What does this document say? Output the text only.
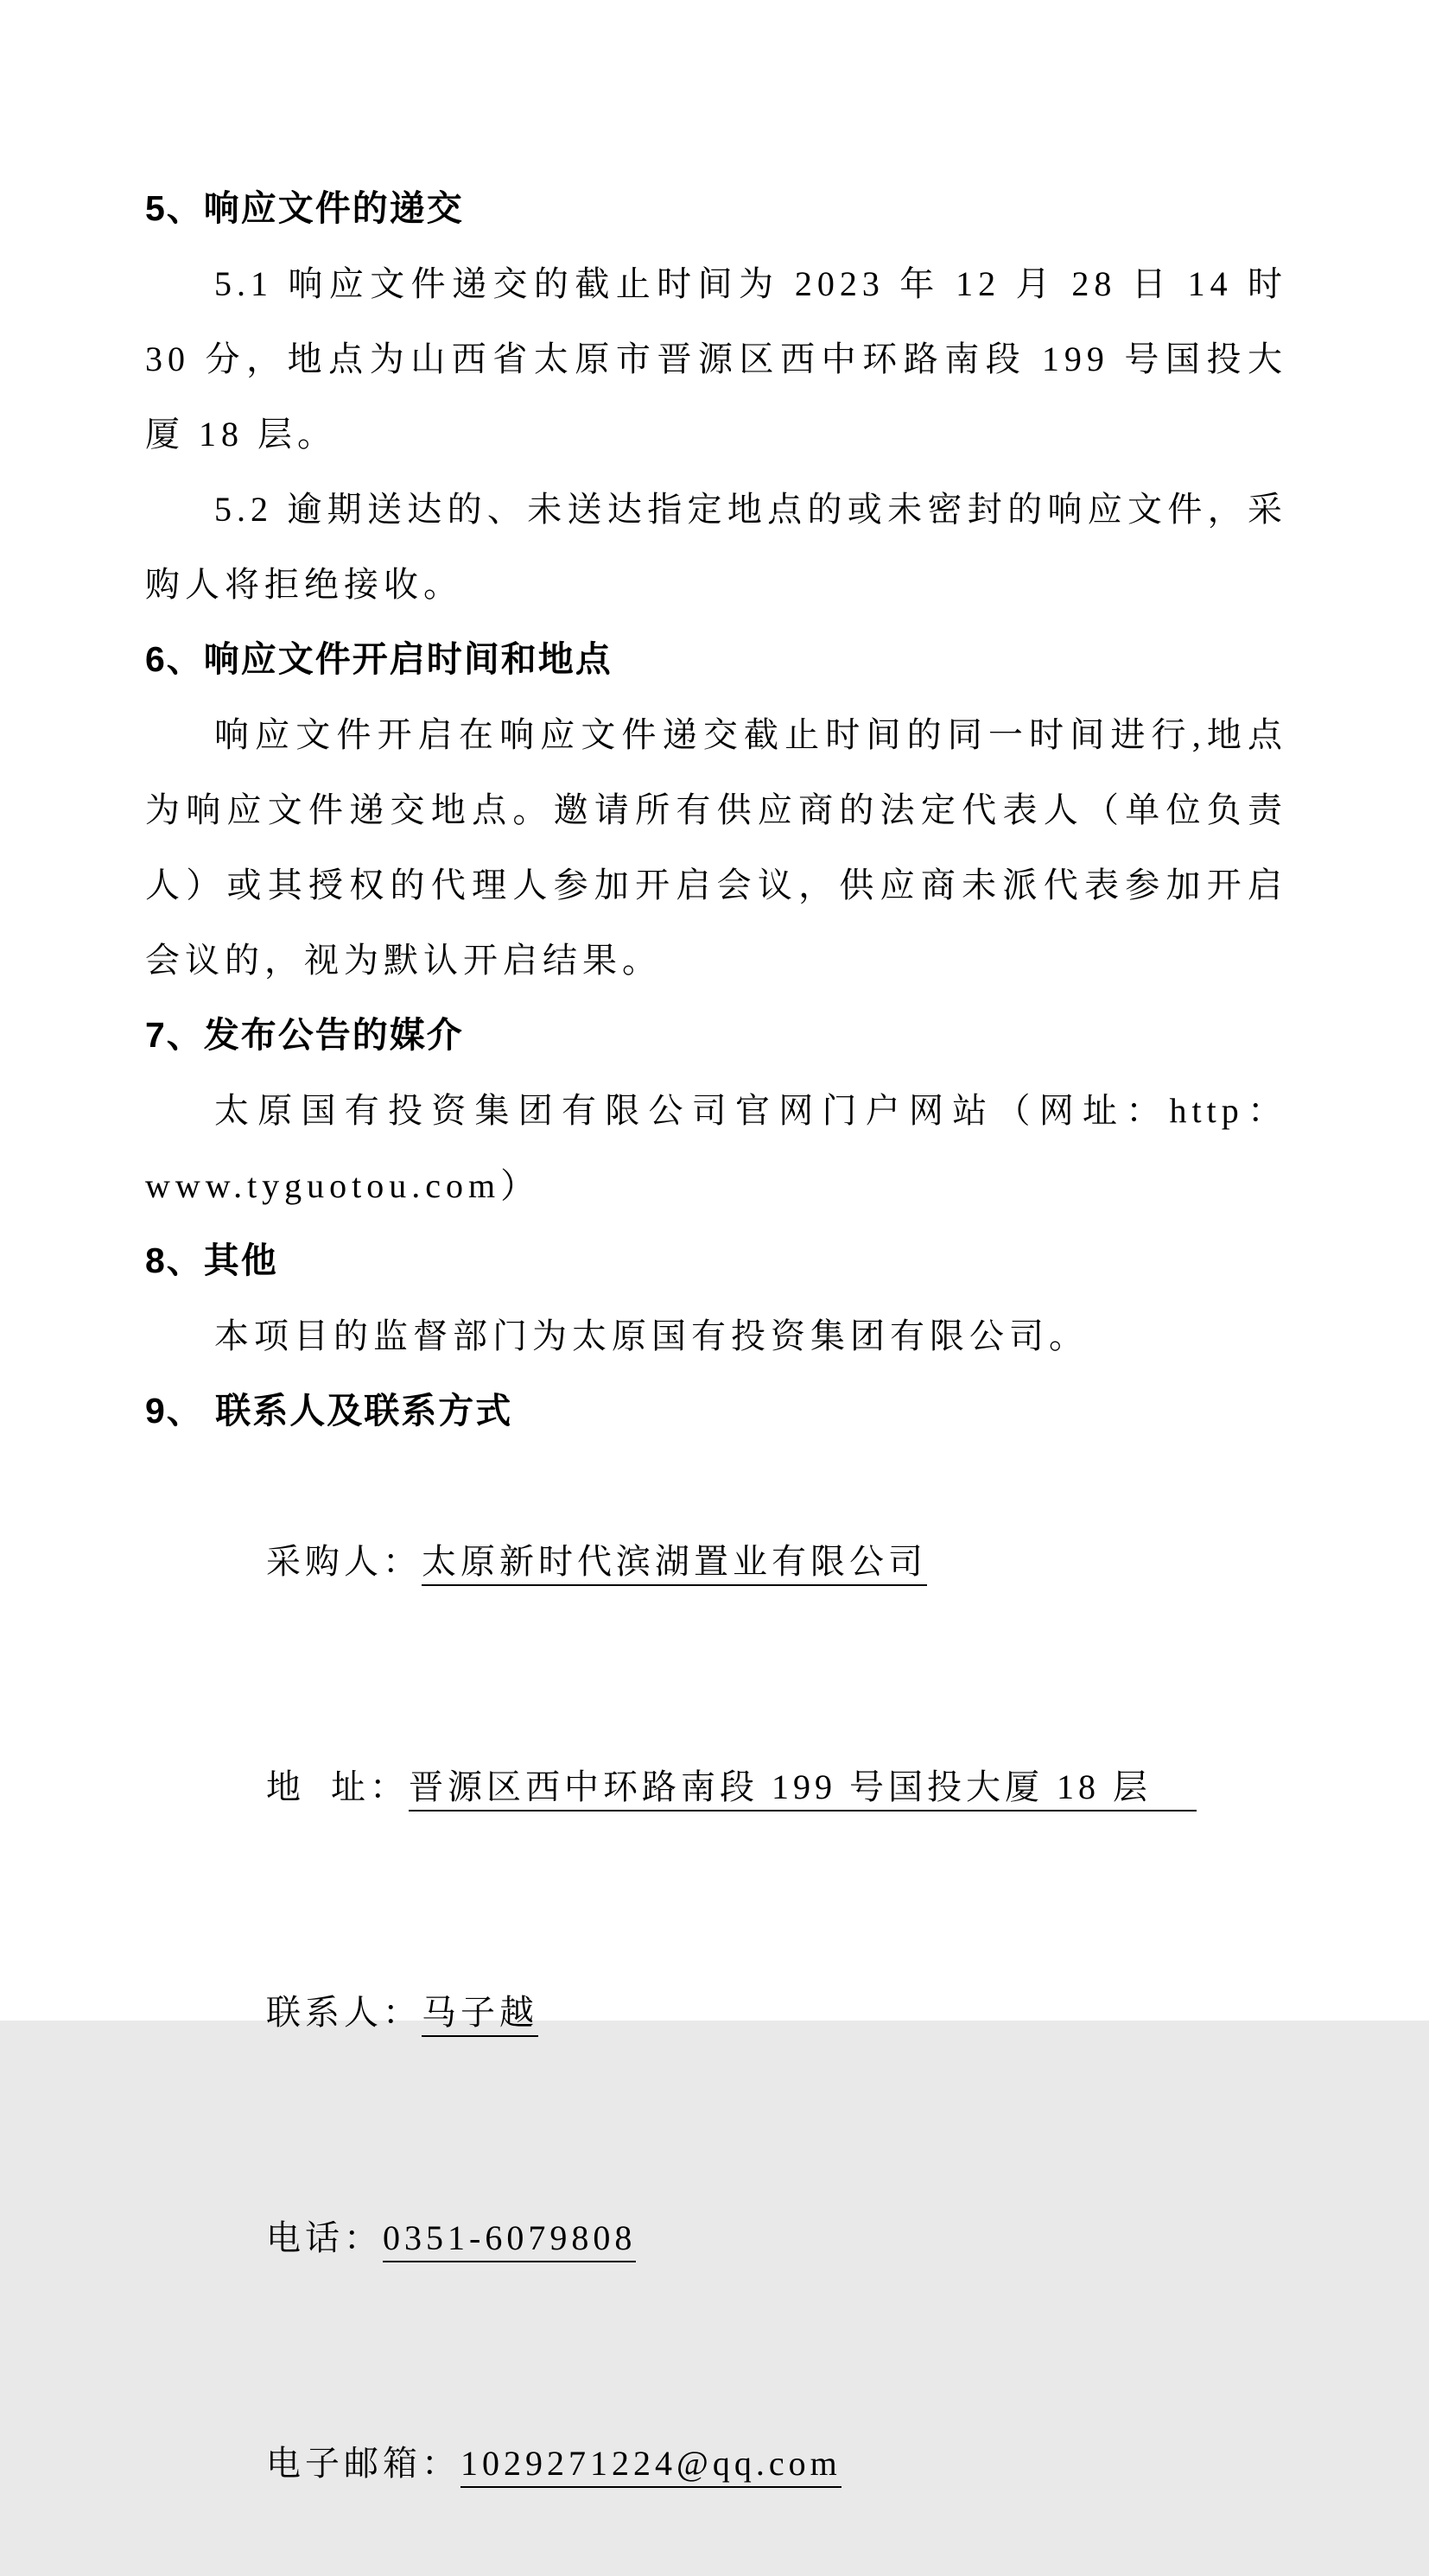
5、响应文件的递交
5.1 响应文件递交的截止时间为 2023 年 12 月 28 日 14 时 30 分，地点为山西省太原市晋源区西中环路南段 199 号国投大厦 18 层。
5.2 逾期送达的、未送达指定地点的或未密封的响应文件，采购人将拒绝接收。
6、响应文件开启时间和地点
响应文件开启在响应文件递交截止时间的同一时间进行,地点为响应文件递交地点。邀请所有供应商的法定代表人（单位负责人）或其授权的代理人参加开启会议，供应商未派代表参加开启会议的，视为默认开启结果。
7、发布公告的媒介
太原国有投资集团有限公司官网门户网站（网址：http：www.tyguotou.com）
8、其他
本项目的监督部门为太原国有投资集团有限公司。
9、 联系人及联系方式

采购人：太原新时代滨湖置业有限公司

地  址：晋源区西中环路南段 199 号国投大厦 18 层

联系人：马子越

电话：0351-6079808

电子邮箱：1029271224@qq.com
